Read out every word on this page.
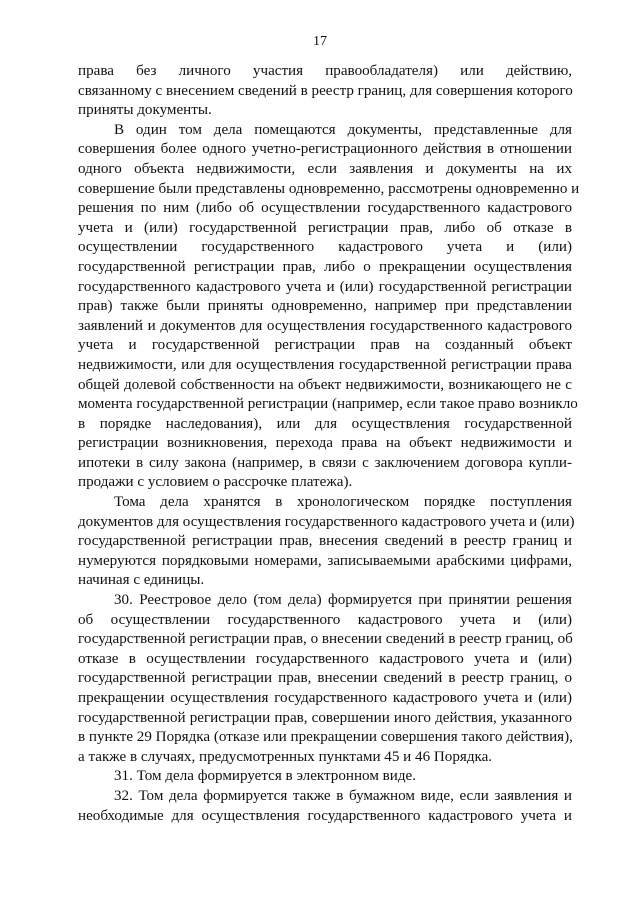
17
права без личного участия правообладателя) или действию,
связанному с внесением сведений в реестр границ, для совершения которого
приняты документы.
В один том дела помещаются документы, представленные для
совершения более одного учетно-регистрационного действия в отношении
одного объекта недвижимости, если заявления и документы на их
совершение были представлены одновременно, рассмотрены одновременно и
решения по ним (либо об осуществлении государственного кадастрового
учета и (или) государственной регистрации прав, либо об отказе в
осуществлении государственного кадастрового учета и (или)
государственной регистрации прав, либо о прекращении осуществления
государственного кадастрового учета и (или) государственной регистрации
прав) также были приняты одновременно, например при представлении
заявлений и документов для осуществления государственного кадастрового
учета и государственной регистрации прав на созданный объект
недвижимости, или для осуществления государственной регистрации права
общей долевой собственности на объект недвижимости, возникающего не с
момента государственной регистрации (например, если такое право возникло
в порядке наследования), или для осуществления государственной
регистрации возникновения, перехода права на объект недвижимости и
ипотеки в силу закона (например, в связи с заключением договора купли-
продажи с условием о рассрочке платежа).
Тома дела хранятся в хронологическом порядке поступления
документов для осуществления государственного кадастрового учета и (или)
государственной регистрации прав, внесения сведений в реестр границ и
нумеруются порядковыми номерами, записываемыми арабскими цифрами,
начиная с единицы.
30. Реестровое дело (том дела) формируется при принятии решения
об осуществлении государственного кадастрового учета и (или)
государственной регистрации прав, о внесении сведений в реестр границ, об
отказе в осуществлении государственного кадастрового учета и (или)
государственной регистрации прав, внесении сведений в реестр границ, о
прекращении осуществления государственного кадастрового учета и (или)
государственной регистрации прав, совершении иного действия, указанного
в пункте 29 Порядка (отказе или прекращении совершения такого действия),
а также в случаях, предусмотренных пунктами 45 и 46 Порядка.
31. Том дела формируется в электронном виде.
32. Том дела формируется также в бумажном виде, если заявления и
необходимые для осуществления государственного кадастрового учета и
